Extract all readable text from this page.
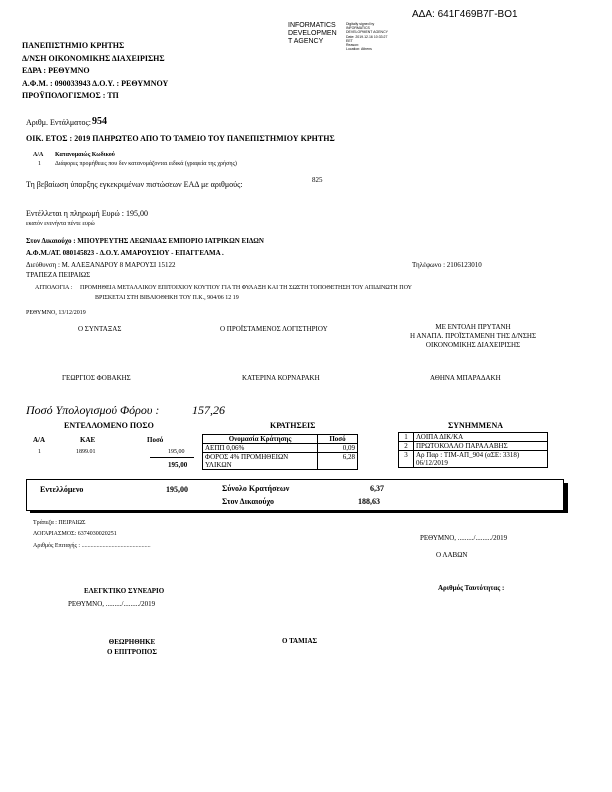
ΑΔΑ: 641Γ469Β7Γ-ΒΟ1
INFORMATICS
DEVELOPMEN
T AGENCY
Digitally signed by
INFORMATICS
DEVELOPMENT AGENCY
Date: 2019.12.16 10:33:27
EET
Reason:
Location: Athens
ΠΑΝΕΠΙΣΤΗΜΙΟ ΚΡΗΤΗΣ
Δ/ΝΣΗ ΟΙΚΟΝΟΜΙΚΗΣ ΔΙΑΧΕΙΡΙΣΗΣ
ΕΔΡΑ : ΡΕΘΥΜΝΟ
Α.Φ.Μ. : 090033943 Δ.Ο.Υ. : ΡΕΘΥΜΝΟΥ
ΠΡΟΫΠΟΛΟΓΙΣΜΟΣ : ΤΠ
Αριθμ. Εντάλματος: 954
ΟΙΚ. ΕΤΟΣ : 2019 ΠΛΗΡΩΤΕΟ ΑΠΟ ΤΟ ΤΑΜΕΙΟ ΤΟΥ ΠΑΝΕΠΙΣΤΗΜΙΟΥ ΚΡΗΤΗΣ
Α/Α Κατανομαιώς Κωδικού
1 Διάφορες προμήθειες που δεν κατανομάζονται ειδικά (γραφεία της χρήσης)
Τη βεβαίωση ύπαρξης εγκεκριμένων πιστώσεων ΕΑΔ με αριθμούς:	825
Εντέλλεται η πληρωμή Ευρώ : 195,00
εκατόν ενενήντα πέντε ευρώ
Στον Δικαιούχο : ΜΠΟΥΡΕΥΤΗΣ ΛΕΩΝΙΔΑΣ ΕΜΠΟΡΙΟ ΙΑΤΡΙΚΩΝ ΕΙΔΩΝ
Α.Φ.Μ./ΑΤ. 080145823 - Δ.Ο.Υ. ΑΜΑΡΟΥΣΙΟΥ - ΕΠΑΓΓΕΛΜΑ .
Διεύθυνση : Μ. ΑΛΕΞΑΝΔΡΟΥ 8 ΜΑΡΟΥΣΙ 15122	Τηλέφωνο : 2106123010
ΤΡΑΠΕΖΑ ΠΕΙΡΑΙΩΣ
ΑΙΤΙΟΛΟΓΙΑ : ΠΡΟΜΗΘΕΙΑ ΜΕΤΑΛΛΙΚΟΥ ΕΠΙΤΟΙΧΙΟΥ ΚΟΥΤΙΟΥ ΓΙΑ ΤΗ ΦΥΛΑΞΗ ΚΑΙ ΤΗ ΣΩΣΤΗ ΤΟΠΟΘΕΤΗΣΗ ΤΟΥ ΑΠΙΔΙΝΩΤΗ ΠΟΥ
ΒΡΙΣΚΕΤΑΙ ΣΤΗ ΒΙΒΛΙΟΘΗΚΗ ΤΟΥ Π.Κ., 904/06 12 19
ΡΕΘΥΜΝΟ, 13/12/2019
Ο ΣΥΝΤΑΞΑΣ	Ο ΠΡΟΪΣΤΑΜΕΝΟΣ ΛΟΓΙΣΤΗΡΙΟΥ	ΜΕ ΕΝΤΟΛΗ ΠΡΥΤΑΝΗ
Η ΑΝΑΠΛ. ΠΡΟΪΣΤΑΜΕΝΗ ΤΗΣ Δ/ΝΣΗΣ
ΟΙΚΟΝΟΜΙΚΗΣ ΔΙΑΧΕΙΡΙΣΗΣ
ΓΕΩΡΓΙΟΣ ΦΟΒΑΚΗΣ	ΚΑΤΕΡΙΝΑ ΚΟΡΝΑΡΑΚΗ	ΑΘΗΝΑ ΜΠΑΡΑΔΑΚΗ
Ποσό Υπολογισμού Φόρου :	157,26
ΕΝΤΕΛΛΟΜΕΝΟ ΠΟΣΟ	ΚΡΑΤΗΣΕΙΣ	ΣΥΝΗΜΜΕΝΑ
Α/Α	ΚΑΕ	Ποσό
1	1899.01	195,00
195,00
Ονομασία Κράτησης	Ποσό
ΑΕΠΠ 0,06%	0,09
ΦΟΡΟΣ 4% ΠΡΟΜΗΘΕΙΩΝ ΥΛΙΚΩΝ	6,28
1	ΛΟΙΠΑ ΔΙΚ/ΚΑ
2	ΠΡΩΤΟΚΟΛΛΟ ΠΑΡΑΛΑΒΗΣ
3	Αρ Παρ : ΤΙΜ-ΑΠ_904 (αΣΕ: 3318) 06/12/2019
Εντελλόμενο	195,00	Σύνολο Κρατήσεων	6,37
Στον Δικαιούχο	188,63
Τράπεζα : ΠΕΙΡΑΙΩΣ
ΛΟΓΑΡΙΑΣΜΟΣ: 6374030020251
Αριθμός Επιταγής : ..............................................
ΡΕΘΥΜΝΟ, ........./........./2019
Ο ΛΑΒΩΝ
ΕΛΕΓΚΤΙΚΟ ΣΥΝΕΔΡΙΟ
ΡΕΘΥΜΝΟ, ........./........./2019
Αριθμός Ταυτότητας :
ΘΕΩΡΗΘΗΚΕ
Ο ΕΠΙΤΡΟΠΟΣ
Ο ΤΑΜΙΑΣ
